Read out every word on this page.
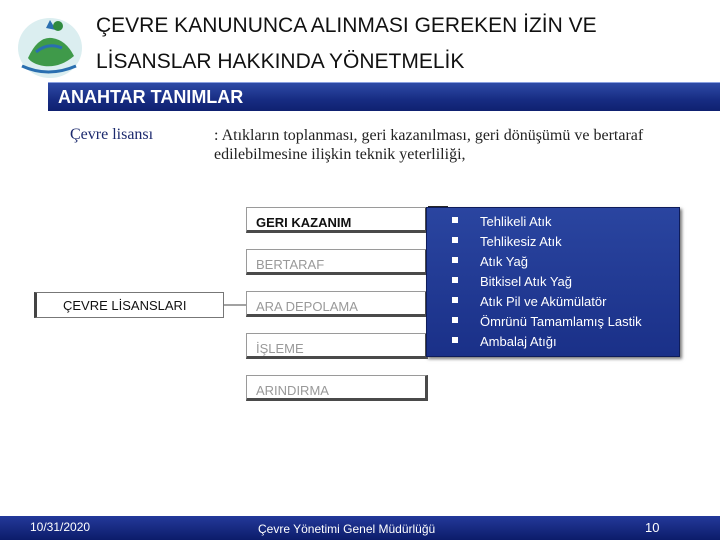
ÇEVRE KANUNUNCA ALINMASI GEREKEN İZİN VE
LİSANSLAR HAKKINDA YÖNETMELİK
ANAHTAR TANIMLAR
Çevre lisansı	: Atıkların toplanması, geri kazanılması, geri dönüşümü ve bertaraf edilebilmesine ilişkin teknik yeterliliği,
ÇEVRE LİSANSLARI
GERI KAZANIM
BERTARAF
ARA DEPOLAMA
İŞLEME
ARINDIRMA
Tehlikeli Atık
Tehlikesiz Atık
Atık Yağ
Bitkisel Atık Yağ
Atık Pil ve Akümülatör
Ömrünü Tamamlamış Lastik
Ambalaj Atığı
10/31/2020	Çevre Yönetimi Genel Müdürlüğü	10
